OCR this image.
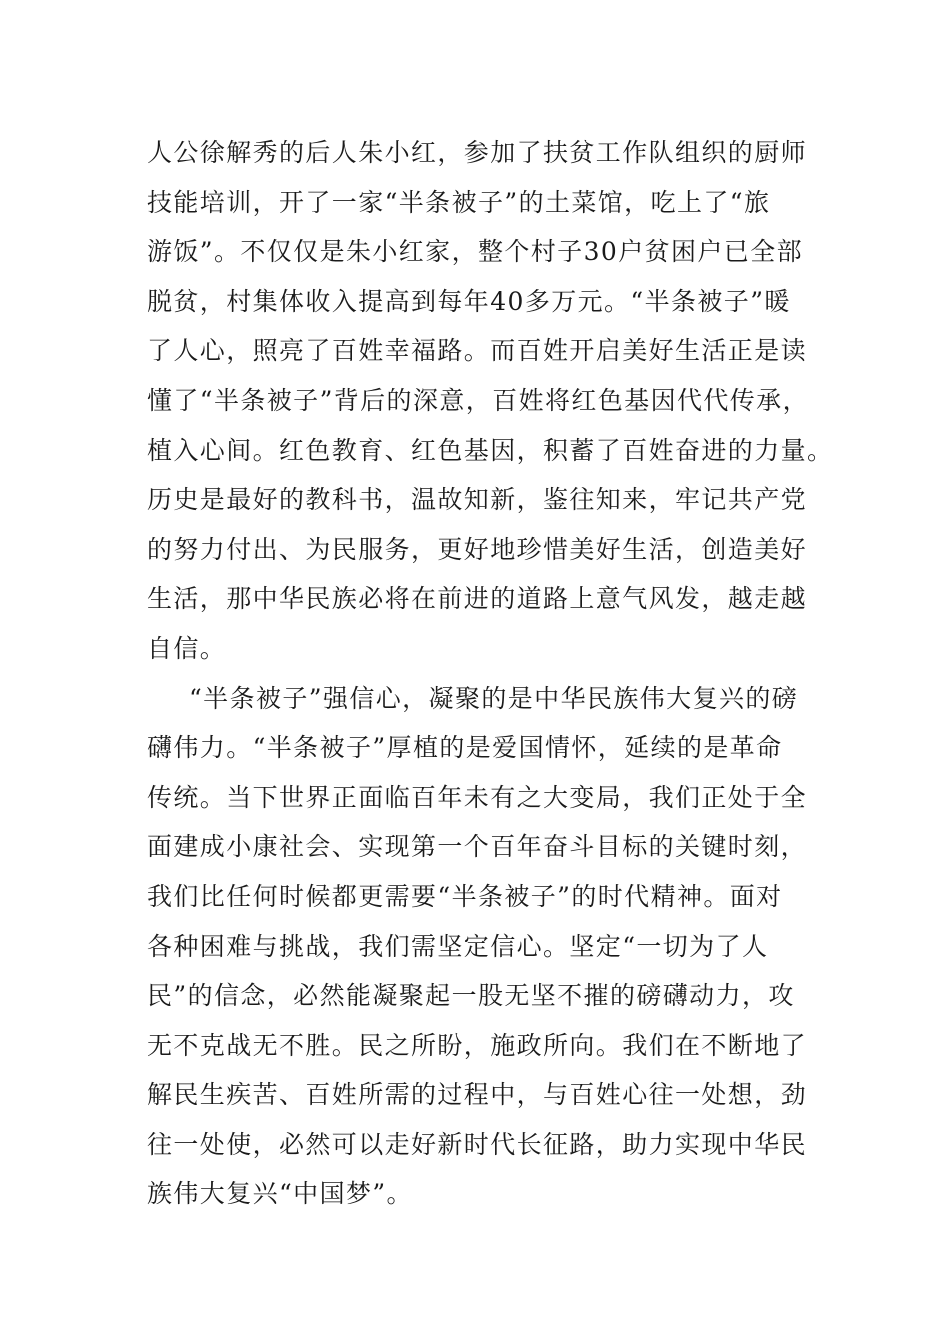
人公徐解秀的后人朱小红，参加了扶贫工作队组织的厨师
技能培训，开了一家“半条被子”的土菜馆，吃上了“旅
游饭”。不仅仅是朱小红家，整个村子30户贫困户已全部
脱贫，村集体收入提高到每年40多万元。“半条被子”暖
了人心，照亮了百姓幸福路。而百姓开启美好生活正是读
懂了“半条被子”背后的深意，百姓将红色基因代代传承，
植入心间。红色教育、红色基因，积蓄了百姓奋进的力量。
历史是最好的教科书，温故知新，鉴往知来，牢记共产党
的努力付出、为民服务，更好地珍惜美好生活，创造美好
生活，那中华民族必将在前进的道路上意气风发，越走越
自信。
“半条被子”强信心，凝聚的是中华民族伟大复兴的磅
礴伟力。“半条被子”厚植的是爱国情怀，延续的是革命
传统。当下世界正面临百年未有之大变局，我们正处于全
面建成小康社会、实现第一个百年奋斗目标的关键时刻，
我们比任何时候都更需要“半条被子”的时代精神。面对
各种困难与挑战，我们需坚定信心。坚定“一切为了人
民”的信念，必然能凝聚起一股无坚不摧的磅礴动力，攻
无不克战无不胜。民之所盼，施政所向。我们在不断地了
解民生疾苦、百姓所需的过程中，与百姓心往一处想，劲
往一处使，必然可以走好新时代长征路，助力实现中华民
族伟大复兴“中国梦”。
